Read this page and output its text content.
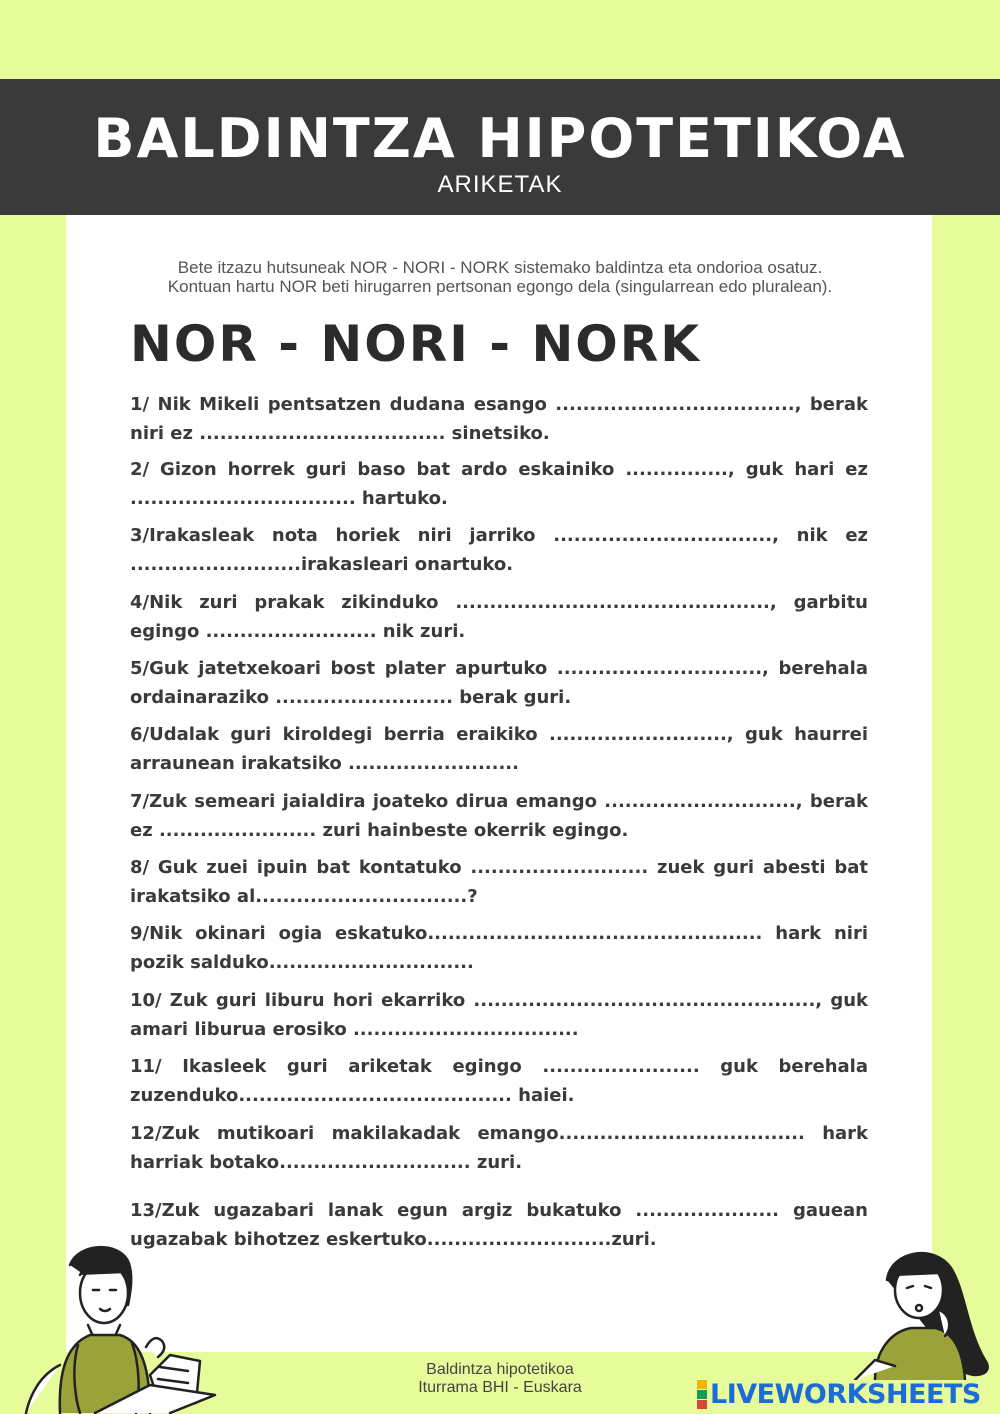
BALDINTZA HIPOTETIKOA
ARIKETAK
Bete itzazu hutsuneak NOR - NORI - NORK sistemako baldintza eta ondorioa osatuz. Kontuan hartu NOR beti hirugarren pertsonan egongo dela (singularrean edo pluralean).
NOR - NORI - NORK
1/ Nik Mikeli pentsatzen dudana esango ..................................., berak niri ez .................................... sinetsiko.
2/ Gizon horrek guri baso bat ardo eskainiko ..............., guk hari ez ................................. hartuko.
3/Irakasleak nota horiek niri jarriko ................................, nik ez .........................irakasleari onartuko.
4/Nik zuri prakak zikinduko .............................................., garbitu egingo ......................... nik zuri.
5/Guk jatetxekoari bost plater apurtuko .............................., berehala ordainaraziko .......................... berak guri.
6/Udalak guri kiroldegi berria eraikiko .........................., guk haurrei arraunean irakatsiko .........................
7/Zuk semeari jaialdira joateko dirua emango ............................, berak ez ....................... zuri hainbeste okerrik egingo.
8/ Guk zuei ipuin bat kontatuko .......................... zuek guri abesti bat irakatsiko al...............................?
9/Nik okinari ogia eskatuko................................................. hark niri pozik salduko..............................
10/ Zuk guri liburu hori ekarriko .................................................., guk amari liburua erosiko .................................
11/ Ikasleek guri ariketak egingo ....................... guk berehala zuzenduko........................................ haiei.
12/Zuk mutikoari makilakadak emango.................................... hark harriak botako............................ zuri.
13/Zuk ugazabari lanak egun argiz bukatuko ..................... gauean ugazabak bihotzez eskertuko...........................zuri.
Baldintza hipotetikoa
Iturrama BHI - Euskara	LIVEWORKSHEETS
